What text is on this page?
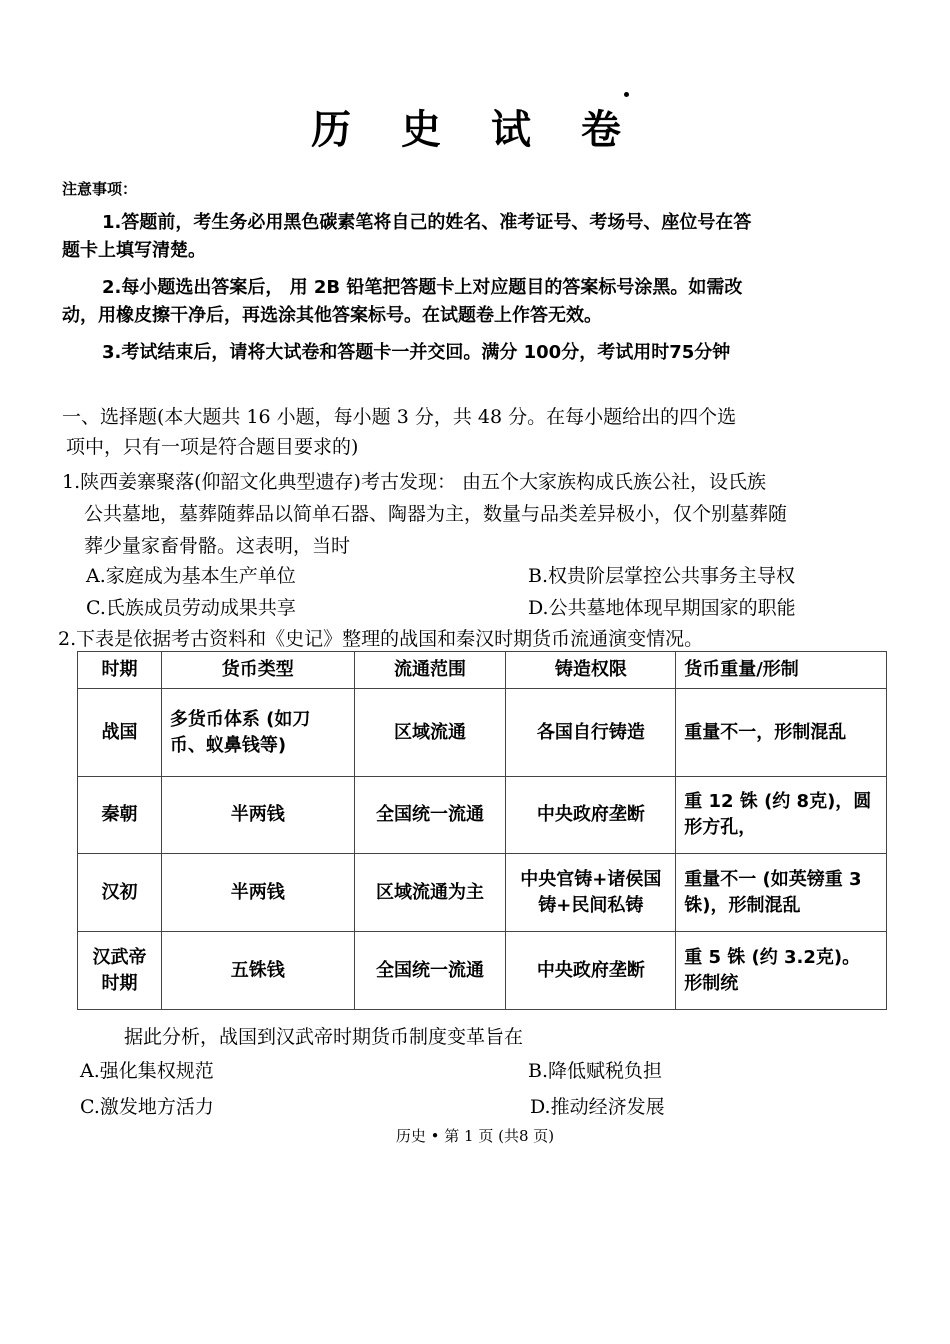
历 史 试 卷
注意事项：
1.答题前，考生务必用黑色碳素笔将自己的姓名、准考证号、考场号、座位号在答
题卡上填写清楚。
2.每小题选出答案后， 用 2B 铅笔把答题卡上对应题目的答案标号涂黑。如需改
动，用橡皮擦干净后，再选涂其他答案标号。在试题卷上作答无效。
3.考试结束后，请将大试卷和答题卡一并交回。满分 100分，考试用时75分钟
一、选择题(本大题共 16 小题，每小题 3 分，共 48 分。在每小题给出的四个选
项中，只有一项是符合题目要求的)
1.陕西姜寨聚落(仰韶文化典型遗存)考古发现： 由五个大家族构成氏族公社，设氏族
公共墓地，墓葬随葬品以简单石器、陶器为主，数量与品类差异极小，仅个别墓葬随
葬少量家畜骨骼。这表明，当时
A.家庭成为基本生产单位	B.权贵阶层掌控公共事务主导权
C.氏族成员劳动成果共享	D.公共墓地体现早期国家的职能
2.下表是依据考古资料和《史记》整理的战国和秦汉时期货币流通演变情况。
时期	货币类型	流通范围	铸造权限	货币重量/形制
战国	多货币体系 (如刀币、蚁鼻钱等)	区域流通	各国自行铸造	重量不一，形制混乱
秦朝	半两钱	全国统一流通	中央政府垄断	重 12 铢 (约 8克)，圆形方孔，
汉初	半两钱	区域流通为主	中央官铸+诸侯国铸+民间私铸	重量不一 (如英镑重 3 铢)，形制混乱
汉武帝时期	五铢钱	全国统一流通	中央政府垄断	重 5 铢 (约 3.2克)。形制统
据此分析，战国到汉武帝时期货币制度变革旨在
A.强化集权规范	B.降低赋税负担
C.激发地方活力	D.推动经济发展
历史 • 第 1 页 (共8 页)
